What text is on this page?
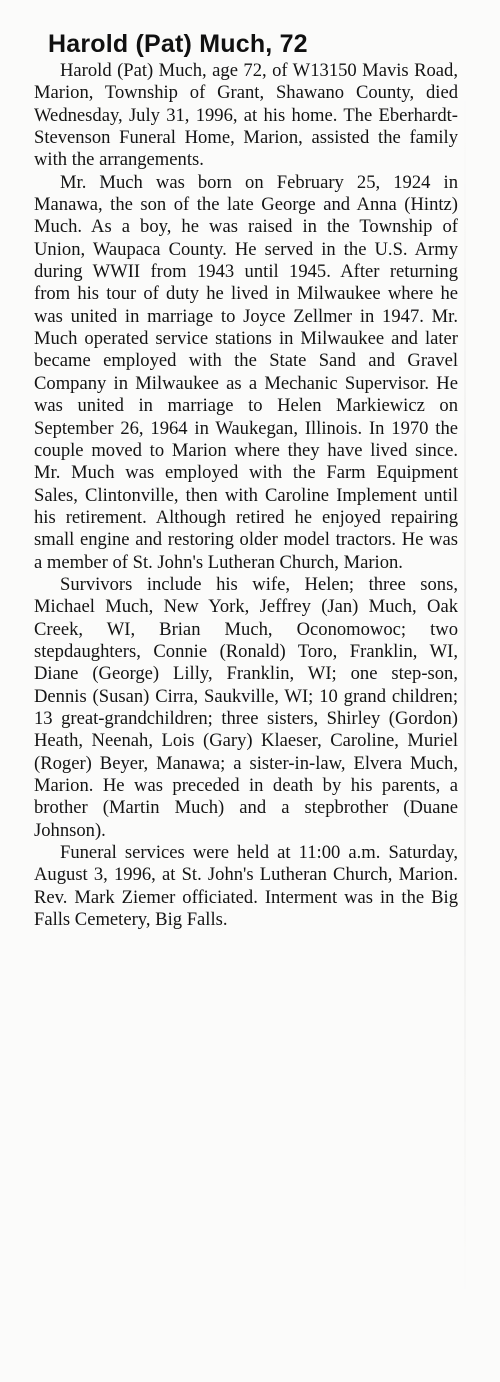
Harold (Pat) Much, 72

Harold (Pat) Much, age 72, of W13150 Mavis Road, Marion, Township of Grant, Shawano County, died Wednesday, July 31, 1996, at his home. The Eberhardt-Stevenson Funeral Home, Marion, assisted the family with the arrangements.

Mr. Much was born on February 25, 1924 in Manawa, the son of the late George and Anna (Hintz) Much. As a boy, he was raised in the Township of Union, Waupaca County. He served in the U.S. Army during WWII from 1943 until 1945. After returning from his tour of duty he lived in Milwaukee where he was united in marriage to Joyce Zellmer in 1947. Mr. Much operated service stations in Milwaukee and later became employed with the State Sand and Gravel Company in Milwaukee as a Mechanic Supervisor. He was united in marriage to Helen Markiewicz on September 26, 1964 in Waukegan, Illinois. In 1970 the couple moved to Marion where they have lived since. Mr. Much was employed with the Farm Equipment Sales, Clintonville, then with Caroline Implement until his retirement. Although retired he enjoyed repairing small engine and restoring older model tractors. He was a member of St. John's Lutheran Church, Marion.

Survivors include his wife, Helen; three sons, Michael Much, New York, Jeffrey (Jan) Much, Oak Creek, WI, Brian Much, Oconomowoc; two stepdaughters, Connie (Ronald) Toro, Franklin, WI, Diane (George) Lilly, Franklin, WI; one step-son, Dennis (Susan) Cirra, Saukville, WI; 10 grand children; 13 great-grandchildren; three sisters, Shirley (Gordon) Heath, Neenah, Lois (Gary) Klaeser, Caroline, Muriel (Roger) Beyer, Manawa; a sister-in-law, Elvera Much, Marion. He was preceded in death by his parents, a brother (Martin Much) and a stepbrother (Duane Johnson).

Funeral services were held at 11:00 a.m. Saturday, August 3, 1996, at St. John's Lutheran Church, Marion. Rev. Mark Ziemer officiated. Interment was in the Big Falls Cemetery, Big Falls.
